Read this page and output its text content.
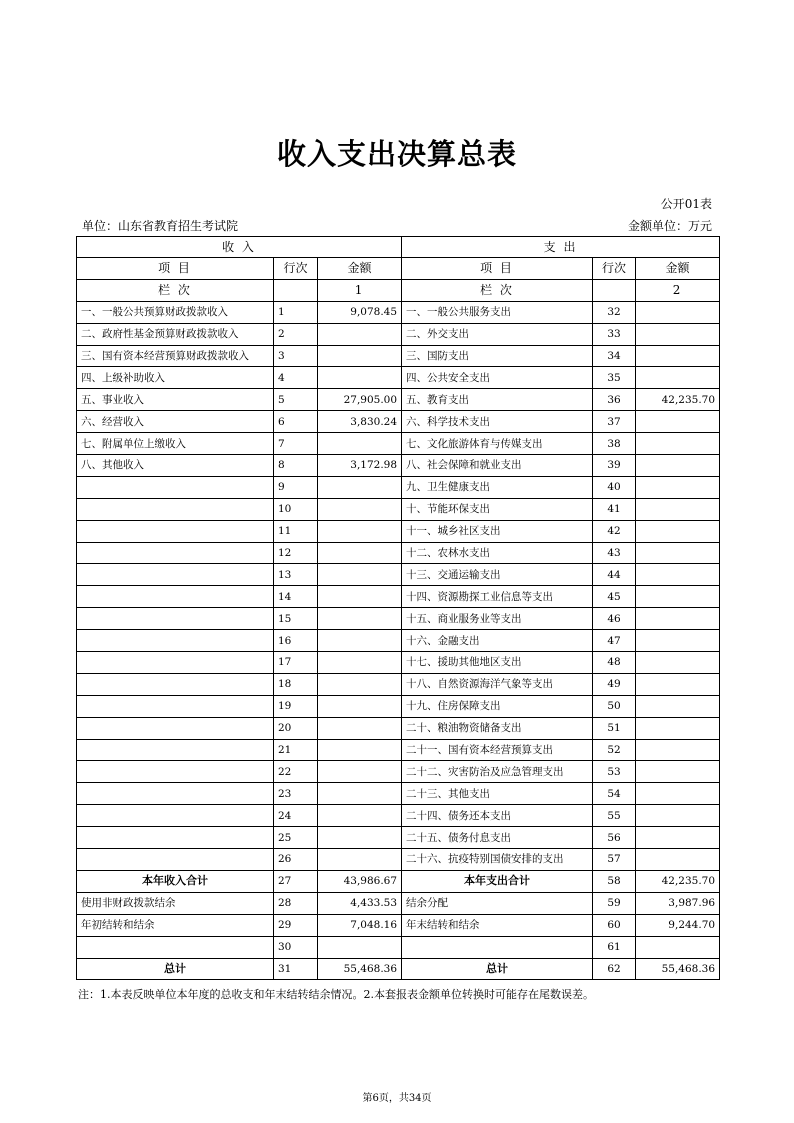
收入支出决算总表
公开01表
单位：山东省教育招生考试院	金额单位：万元
收 入			支 出		
项 目	行次	金额	项 目	行次	金额
栏 次		1	栏 次		2
一、一般公共预算财政拨款收入	1	9,078.45	一、一般公共服务支出	32	
二、政府性基金预算财政拨款收入	2		二、外交支出	33	
三、国有资本经营预算财政拨款收入	3		三、国防支出	34	
四、上级补助收入	4		四、公共安全支出	35	
五、事业收入	5	27,905.00	五、教育支出	36	42,235.70
六、经营收入	6	3,830.24	六、科学技术支出	37	
七、附属单位上缴收入	7		七、文化旅游体育与传媒支出	38	
八、其他收入	8	3,172.98	八、社会保障和就业支出	39	
	9		九、卫生健康支出	40	
	10		十、节能环保支出	41	
	11		十一、城乡社区支出	42	
	12		十二、农林水支出	43	
	13		十三、交通运输支出	44	
	14		十四、资源勘探工业信息等支出	45	
	15		十五、商业服务业等支出	46	
	16		十六、金融支出	47	
	17		十七、援助其他地区支出	48	
	18		十八、自然资源海洋气象等支出	49	
	19		十九、住房保障支出	50	
	20		二十、粮油物资储备支出	51	
	21		二十一、国有资本经营预算支出	52	
	22		二十二、灾害防治及应急管理支出	53	
	23		二十三、其他支出	54	
	24		二十四、债务还本支出	55	
	25		二十五、债务付息支出	56	
	26		二十六、抗疫特别国债安排的支出	57	
本年收入合计	27	43,986.67	本年支出合计	58	42,235.70
使用非财政拨款结余	28	4,433.53	结余分配	59	3,987.96
年初结转和结余	29	7,048.16	年末结转和结余	60	9,244.70
	30			61	
总计	31	55,468.36	总计	62	55,468.36
注：1.本表反映单位本年度的总收支和年末结转结余情况。2.本套报表金额单位转换时可能存在尾数误差。
第6页，共34页
